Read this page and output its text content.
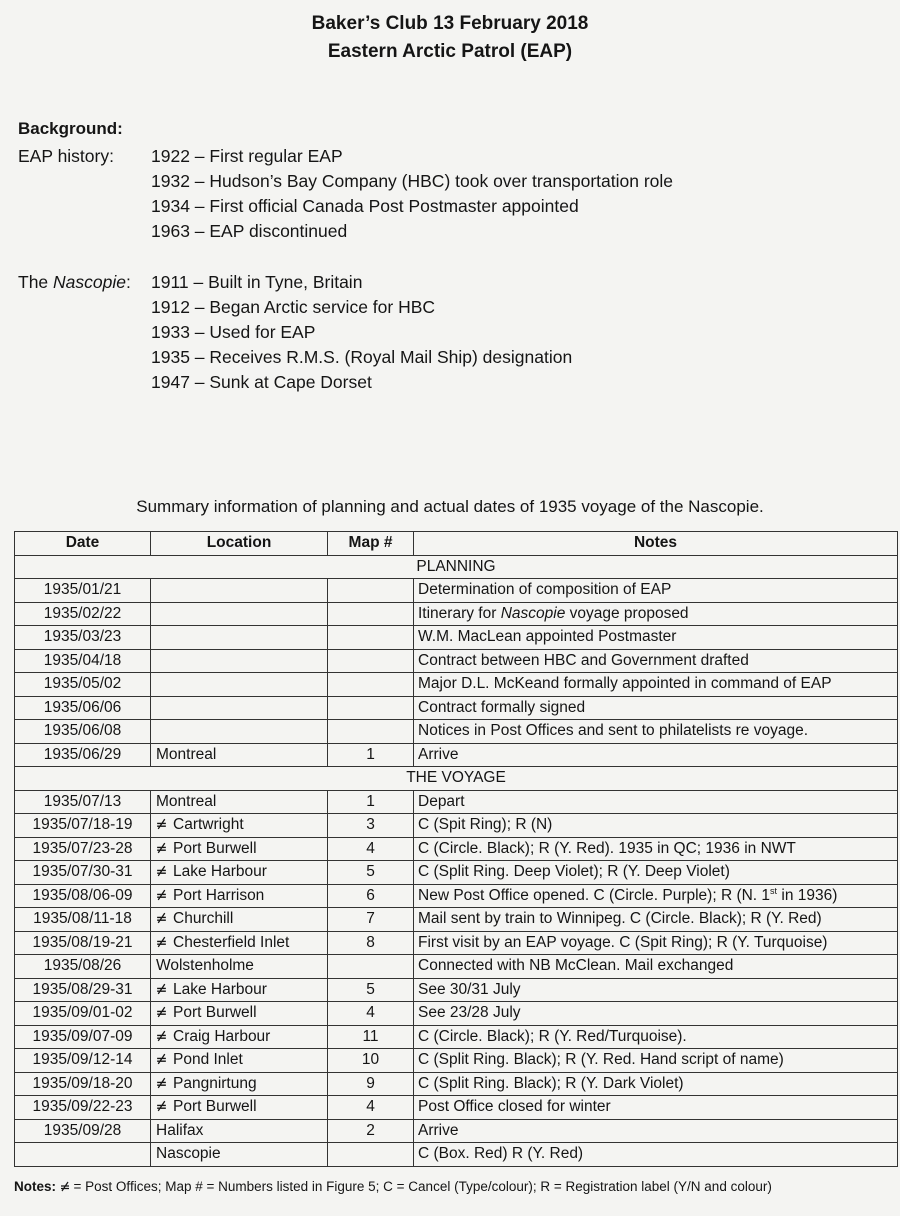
Baker’s Club 13 February 2018
Eastern Arctic Patrol (EAP)
Background:
EAP history: 1922 – First regular EAP
1932 – Hudson’s Bay Company (HBC) took over transportation role
1934 – First official Canada Post Postmaster appointed
1963 – EAP discontinued
The Nascopie: 1911 – Built in Tyne, Britain
1912 – Began Arctic service for HBC
1933 – Used for EAP
1935 – Receives R.M.S. (Royal Mail Ship) designation
1947 – Sunk at Cape Dorset
Summary information of planning and actual dates of 1935 voyage of the Nascopie.
Date	Location	Map #	Notes
PLANNING			
1935/01/21			Determination of composition of EAP
1935/02/22			Itinerary for Nascopie voyage proposed
1935/03/23			W.M. MacLean appointed Postmaster
1935/04/18			Contract between HBC and Government drafted
1935/05/02			Major D.L. McKeand formally appointed in command of EAP
1935/06/06			Contract formally signed
1935/06/08			Notices in Post Offices and sent to philatelists re voyage.
1935/06/29	Montreal	1	Arrive
THE VOYAGE			
1935/07/13	Montreal	1	Depart
1935/07/18-19	Cartwright	3	C (Spit Ring); R (N)
1935/07/23-28	Port Burwell	4	C (Circle. Black); R (Y. Red). 1935 in QC; 1936 in NWT
1935/07/30-31	Lake Harbour	5	C (Split Ring. Deep Violet); R (Y. Deep Violet)
1935/08/06-09	Port Harrison	6	New Post Office opened. C (Circle. Purple); R (N. 1st in 1936)
1935/08/11-18	Churchill	7	Mail sent by train to Winnipeg. C (Circle. Black); R (Y. Red)
1935/08/19-21	Chesterfield Inlet	8	First visit by an EAP voyage. C (Spit Ring); R (Y. Turquoise)
1935/08/26	Wolstenholme		Connected with NB McClean. Mail exchanged
1935/08/29-31	Lake Harbour	5	See 30/31 July
1935/09/01-02	Port Burwell	4	See 23/28 July
1935/09/07-09	Craig Harbour	11	C (Circle. Black); R (Y. Red/Turquoise).
1935/09/12-14	Pond Inlet	10	C (Split Ring. Black); R (Y. Red. Hand script of name)
1935/09/18-20	Pangnirtung	9	C (Split Ring. Black); R (Y. Dark Violet)
1935/09/22-23	Port Burwell	4	Post Office closed for winter
1935/09/28	Halifax	2	Arrive
	Nascopie		C (Box. Red) R (Y. Red)
Notes:  = Post Offices; Map # = Numbers listed in Figure 5; C = Cancel (Type/colour); R = Registration label (Y/N and colour)
